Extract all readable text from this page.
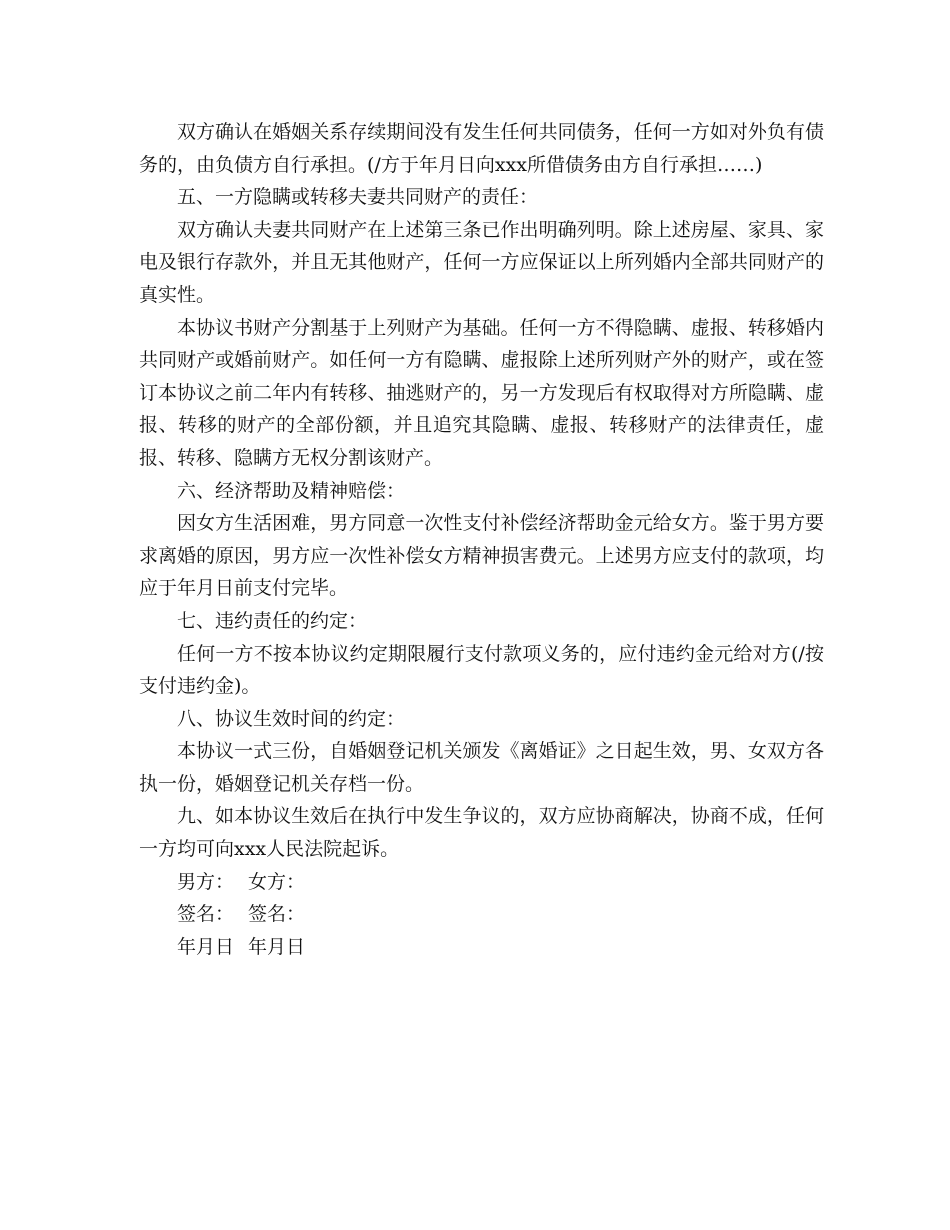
双方确认在婚姻关系存续期间没有发生任何共同债务，任何一方如对外负有债务的，由负债方自行承担。(/方于年月日向xxx所借债务由方自行承担……)

五、一方隐瞒或转移夫妻共同财产的责任：

双方确认夫妻共同财产在上述第三条已作出明确列明。除上述房屋、家具、家电及银行存款外，并且无其他财产，任何一方应保证以上所列婚内全部共同财产的真实性。

本协议书财产分割基于上列财产为基础。任何一方不得隐瞒、虚报、转移婚内共同财产或婚前财产。如任何一方有隐瞒、虚报除上述所列财产外的财产，或在签订本协议之前二年内有转移、抽逃财产的，另一方发现后有权取得对方所隐瞒、虚报、转移的财产的全部份额，并且追究其隐瞒、虚报、转移财产的法律责任，虚报、转移、隐瞒方无权分割该财产。

六、经济帮助及精神赔偿：

因女方生活困难，男方同意一次性支付补偿经济帮助金元给女方。鉴于男方要求离婚的原因，男方应一次性补偿女方精神损害费元。上述男方应支付的款项，均应于年月日前支付完毕。

七、违约责任的约定：

任何一方不按本协议约定期限履行支付款项义务的，应付违约金元给对方(/按支付违约金)。

八、协议生效时间的约定：

本协议一式三份，自婚姻登记机关颁发《离婚证》之日起生效，男、女双方各执一份，婚姻登记机关存档一份。

九、如本协议生效后在执行中发生争议的，双方应协商解决，协商不成，任何一方均可向xxx人民法院起诉。

男方： 女方：
签名： 签名：
年月日 年月日
